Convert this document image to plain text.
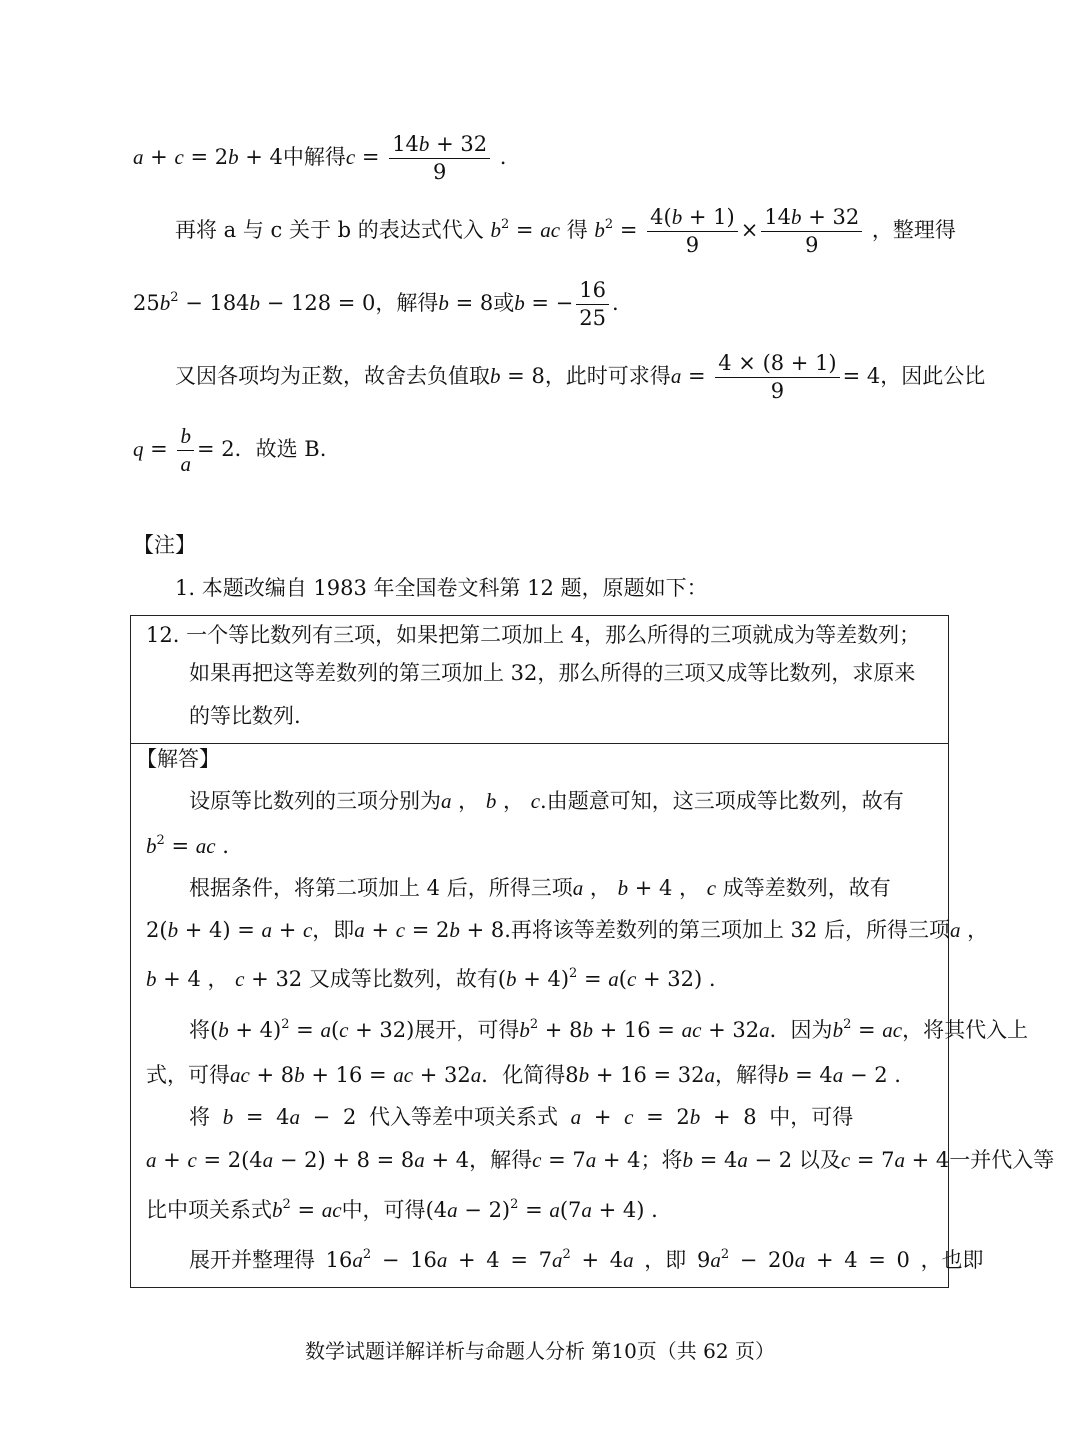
a + c = 2b + 4中解得$c = \frac{14b + 32}{9}$ .
再将 a 与 c 关于 b 的表达式代入 $b^2$ = ac 得 $b^2 = \frac{4(b + 1)}{9} \times \frac{14b + 32}{9}$ ，整理得
$25b^2 - 184b - 128 = 0$，解得b = 8或b = − $\frac{16}{25}$ .
又因各项均为正数，故舍去负值取b = 8，此时可求得$a = \frac{4 \times (8 + 1)}{9} = 4$，因此公比
$q = \frac{b}{a} = 2$．故选 B.
【注】
1. 本题改编自 1983 年全国卷文科第 12 题，原题如下：
12. 一个等比数列有三项，如果把第二项加上 4，那么所得的三项就成为等差数列；
如果再把这等差数列的第三项加上 32，那么所得的三项又成等比数列，求原来
的等比数列.
【解答】
设原等比数列的三项分别为a ， b ， c.由题意可知，这三项成等比数列，故有
$b^2$ = ac .
根据条件，将第二项加上 4 后，所得三项a ， b + 4 ， c 成等差数列，故有
2(b + 4) = a + c，即a + c = 2b + 8.再将该等差数列的第三项加上 32 后，所得三项a ，
b + 4 ， c + 32 又成等比数列，故有$(b + 4)^2 = a(c + 32)$ .
将$(b + 4)^2 = a(c + 32)$展开，可得$b^2 + 8b + 16$ = ac + 32a．因为$b^2$ = ac，将其代入上
式，可得ac + 8b + 16 = ac + 32a．化简得8b + 16 = 32a，解得b = 4a − 2 .
将 b = 4a − 2 代入等差中项关系式 a + c = 2b + 8 中，可得
a + c = 2(4a − 2) + 8 = 8a + 4，解得c = 7a + 4；将b = 4a − 2 以及c = 7a + 4一并代入等
比中项关系式$b^2$ = ac中，可得$(4a - 2)^2 = a(7a + 4)$ .
展开并整理得 $16a^2 - 16a + 4 = 7a^2 + 4a$ ，即 $9a^2 - 20a + 4 = 0$ ，也即
数学试题详解详析与命题人分析 第10页（共 62 页）
